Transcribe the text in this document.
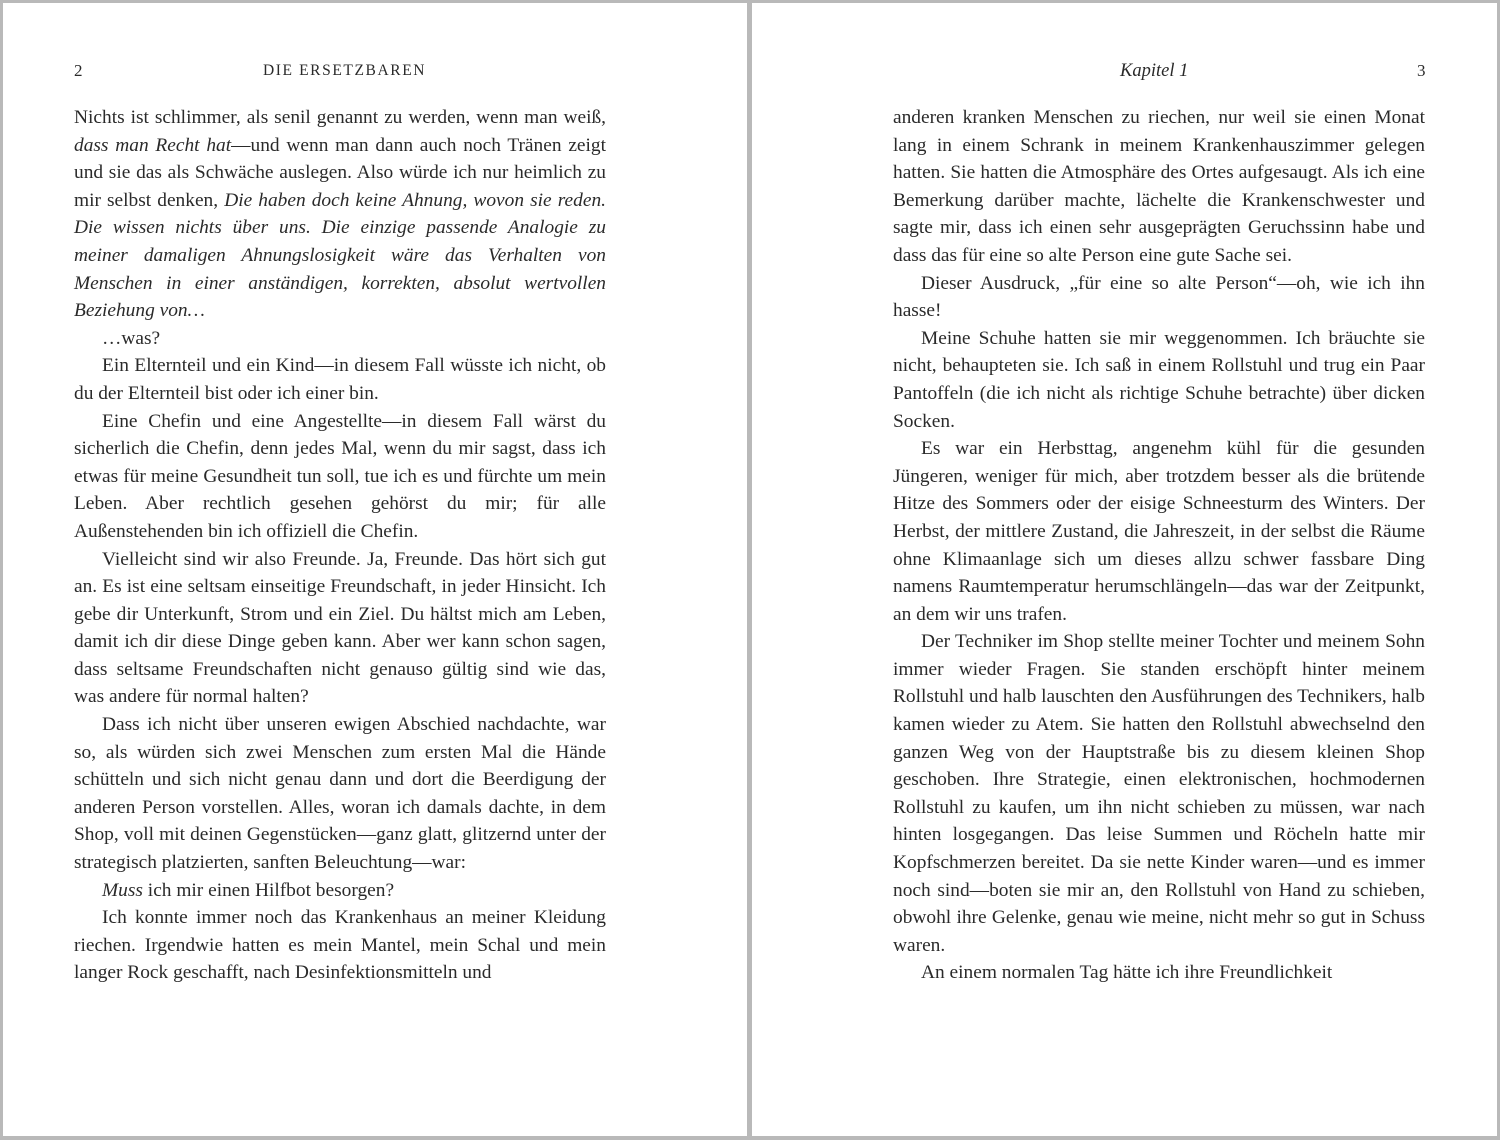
2	DIE ERSETZBAREN

Nichts ist schlimmer, als senil genannt zu werden, wenn man weiß, dass man Recht hat—und wenn man dann auch noch Tränen zeigt und sie das als Schwäche auslegen. Also würde ich nur heimlich zu mir selbst denken, Die haben doch keine Ahnung, wovon sie reden. Die wissen nichts über uns. Die einzige passende Analogie zu meiner damaligen Ahnungslosigkeit wäre das Verhalten von Menschen in einer anständigen, korrekten, absolut wertvollen Beziehung von…

…was?

Ein Elternteil und ein Kind—in diesem Fall wüsste ich nicht, ob du der Elternteil bist oder ich einer bin.

Eine Chefin und eine Angestellte—in diesem Fall wärst du sicherlich die Chefin, denn jedes Mal, wenn du mir sagst, dass ich etwas für meine Gesundheit tun soll, tue ich es und fürchte um mein Leben. Aber rechtlich gesehen gehörst du mir; für alle Außenstehenden bin ich offiziell die Chefin.

Vielleicht sind wir also Freunde. Ja, Freunde. Das hört sich gut an. Es ist eine seltsam einseitige Freundschaft, in jeder Hinsicht. Ich gebe dir Unterkunft, Strom und ein Ziel. Du hältst mich am Leben, damit ich dir diese Dinge geben kann. Aber wer kann schon sagen, dass seltsame Freundschaften nicht genauso gültig sind wie das, was andere für normal halten?

Dass ich nicht über unseren ewigen Abschied nachdachte, war so, als würden sich zwei Menschen zum ersten Mal die Hände schütteln und sich nicht genau dann und dort die Beerdigung der anderen Person vorstellen. Alles, woran ich damals dachte, in dem Shop, voll mit deinen Gegenstücken—ganz glatt, glitzernd unter der strategisch platzierten, sanften Beleuchtung—war:

Muss ich mir einen Hilfbot besorgen?

Ich konnte immer noch das Krankenhaus an meiner Kleidung riechen. Irgendwie hatten es mein Mantel, mein Schal und mein langer Rock geschafft, nach Desinfektionsmitteln und

Kapitel 1	3

anderen kranken Menschen zu riechen, nur weil sie einen Monat lang in einem Schrank in meinem Krankenhauszimmer gelegen hatten. Sie hatten die Atmosphäre des Ortes aufgesaugt. Als ich eine Bemerkung darüber machte, lächelte die Krankenschwester und sagte mir, dass ich einen sehr ausgeprägten Geruchssinn habe und dass das für eine so alte Person eine gute Sache sei.

Dieser Ausdruck, „für eine so alte Person“—oh, wie ich ihn hasse!

Meine Schuhe hatten sie mir weggenommen. Ich bräuchte sie nicht, behaupteten sie. Ich saß in einem Rollstuhl und trug ein Paar Pantoffeln (die ich nicht als richtige Schuhe betrachte) über dicken Socken.

Es war ein Herbsttag, angenehm kühl für die gesunden Jüngeren, weniger für mich, aber trotzdem besser als die brütende Hitze des Sommers oder der eisige Schneesturm des Winters. Der Herbst, der mittlere Zustand, die Jahreszeit, in der selbst die Räume ohne Klimaanlage sich um dieses allzu schwer fassbare Ding namens Raumtemperatur herumschlängeln—das war der Zeitpunkt, an dem wir uns trafen.

Der Techniker im Shop stellte meiner Tochter und meinem Sohn immer wieder Fragen. Sie standen erschöpft hinter meinem Rollstuhl und halb lauschten den Ausführungen des Technikers, halb kamen wieder zu Atem. Sie hatten den Rollstuhl abwechselnd den ganzen Weg von der Hauptstraße bis zu diesem kleinen Shop geschoben. Ihre Strategie, einen elektronischen, hochmodernen Rollstuhl zu kaufen, um ihn nicht schieben zu müssen, war nach hinten losgegangen. Das leise Summen und Röcheln hatte mir Kopfschmerzen bereitet. Da sie nette Kinder waren—und es immer noch sind—boten sie mir an, den Rollstuhl von Hand zu schieben, obwohl ihre Gelenke, genau wie meine, nicht mehr so gut in Schuss waren.

An einem normalen Tag hätte ich ihre Freundlichkeit
